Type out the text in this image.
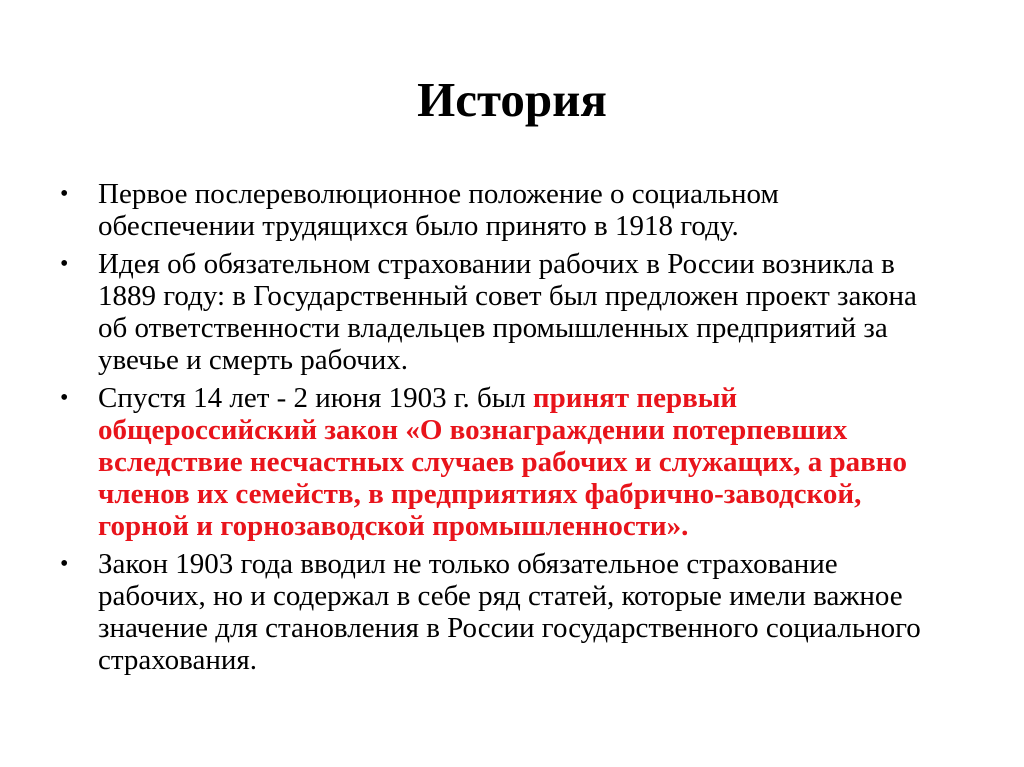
История
• Первое послереволюционное положение о социальном обеспечении трудящихся было принято в 1918 году.
• Идея об обязательном страховании рабочих в России возникла в 1889 году: в Государственный совет был предложен проект закона об ответственности владельцев промышленных предприятий за увечье и смерть рабочих.
• Спустя 14 лет - 2 июня 1903 г. был принят первый общероссийский закон «О вознаграждении потерпевших вследствие несчастных случаев рабочих и служащих, а равно членов их семейств, в предприятиях фабрично-заводской, горной и горнозаводской промышленности».
• Закон 1903 года вводил не только обязательное страхование рабочих, но и содержал в себе ряд статей, которые имели важное значение для становления в России государственного социального страхования.
